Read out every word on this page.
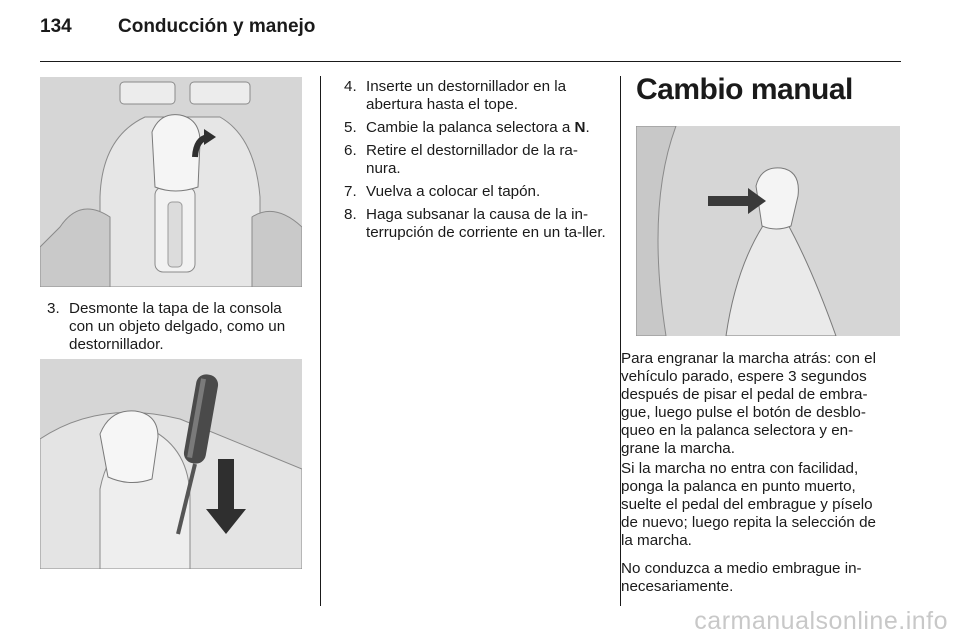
134 Conducción y manejo
3. Desmonte la tapa de la consola con un objeto delgado, como un destornillador.
4. Inserte un destornillador en la abertura hasta el tope.
5. Cambie la palanca selectora a N.
6. Retire el destornillador de la ra-nura.
7. Vuelva a colocar el tapón.
8. Haga subsanar la causa de la in-terrupción de corriente en un ta-ller.
Cambio manual
Para engranar la marcha atrás: con el vehículo parado, espere 3 segundos después de pisar el pedal de embra-gue, luego pulse el botón de desblo-queo en la palanca selectora y en-grane la marcha.
Si la marcha no entra con facilidad, ponga la palanca en punto muerto, suelte el pedal del embrague y píselo de nuevo; luego repita la selección de la marcha.
No conduzca a medio embrague in-necesariamente.
carmanualsonline.info
